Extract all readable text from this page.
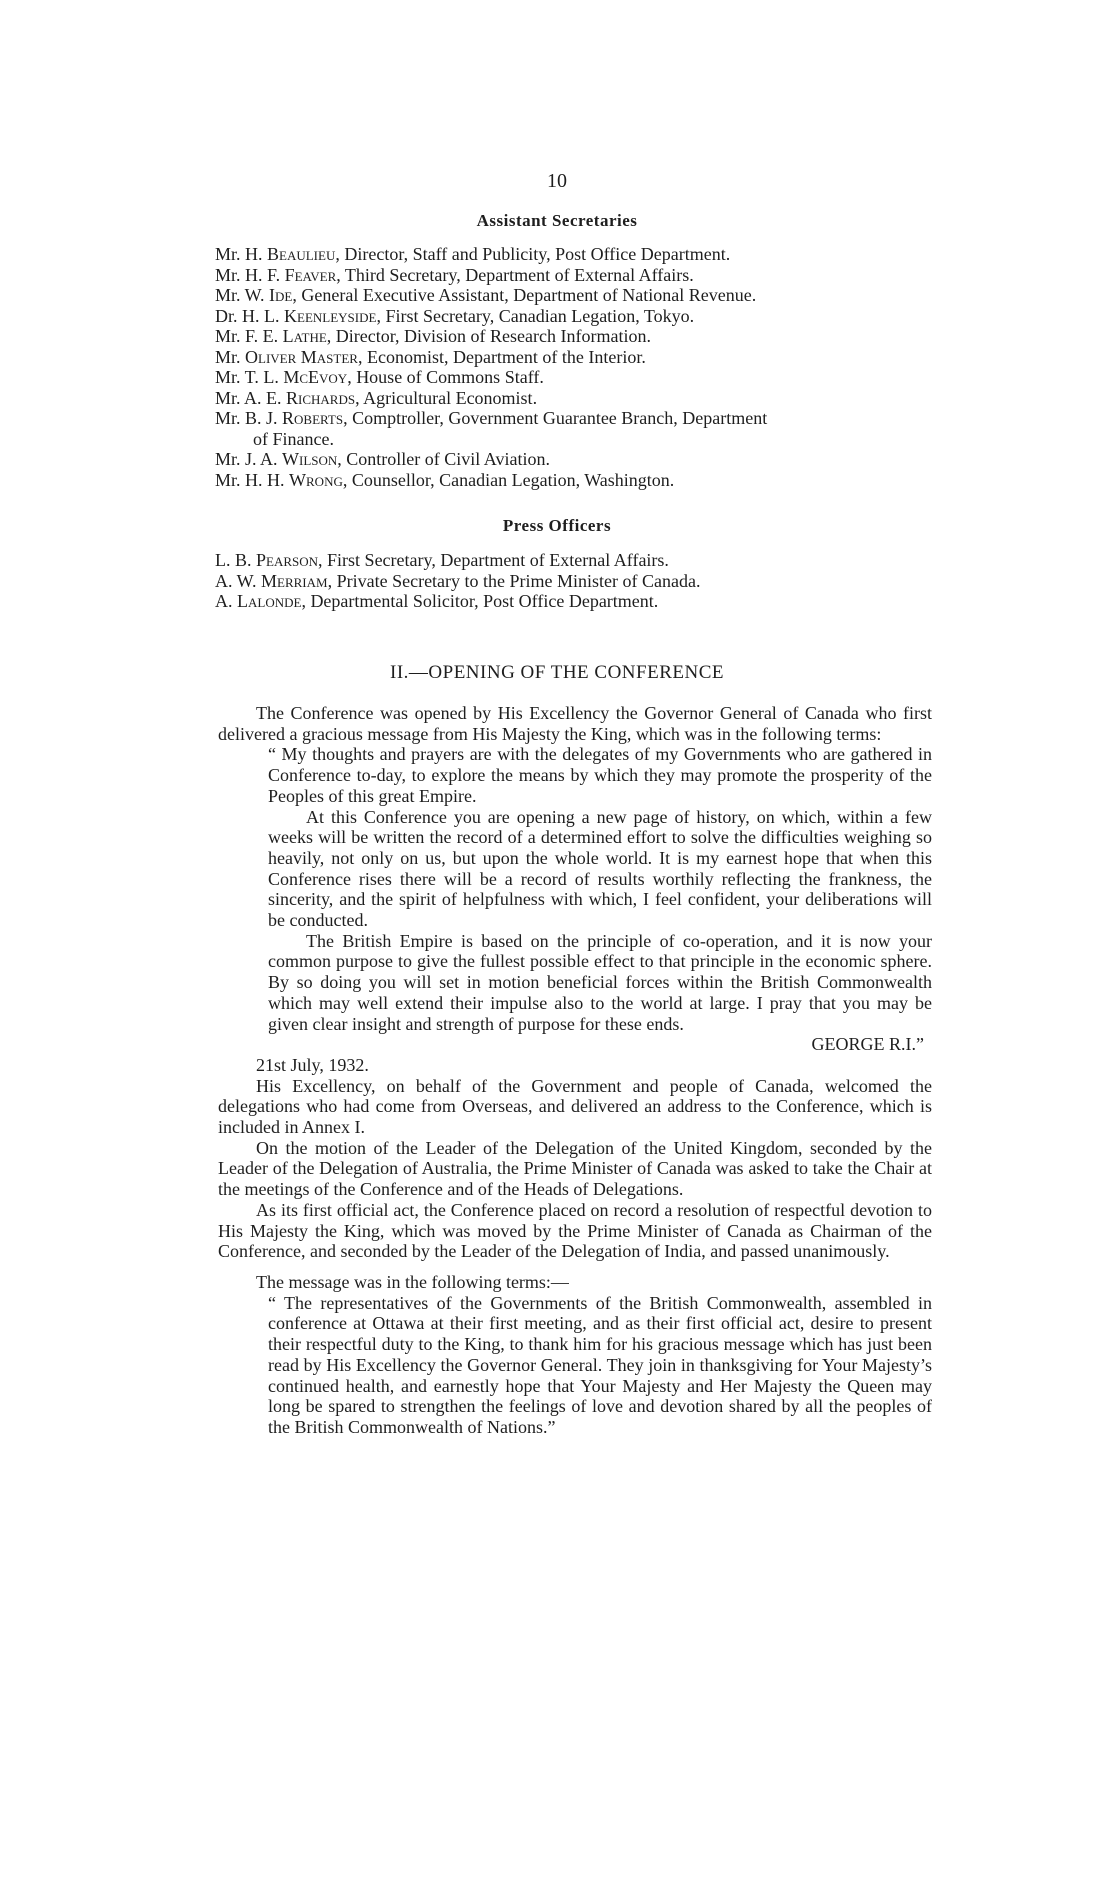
10
Assistant Secretaries

Mr. H. Beaulieu, Director, Staff and Publicity, Post Office Department.

Mr. H. F. Feaver, Third Secretary, Department of External Affairs.

Mr. W. Ide, General Executive Assistant, Department of National Revenue.

Dr. H. L. Keenleyside, First Secretary, Canadian Legation, Tokyo.

Mr. F. E. Lathe, Director, Division of Research Information.

Mr. Oliver Master, Economist, Department of the Interior.

Mr. T. L. McEvoy, House of Commons Staff.

Mr. A. E. Richards, Agricultural Economist.

Mr. B. J. Roberts, Comptroller, Government Guarantee Branch, Department

of Finance.

Mr. J. A. Wilson, Controller of Civil Aviation.

Mr. H. H. Wrong, Counsellor, Canadian Legation, Washington.

Press Officers

L. B. Pearson, First Secretary, Department of External Affairs.

A. W. Merriam, Private Secretary to the Prime Minister of Canada.

A. Lalonde, Departmental Solicitor, Post Office Department.

II.—OPENING OF THE CONFERENCE

The Conference was opened by His Excellency the Governor General of Canada who first delivered a gracious message from His Majesty the King, which was in the following terms:

“ My thoughts and prayers are with the delegates of my Governments who are gathered in Conference to-day, to explore the means by which they may promote the prosperity of the Peoples of this great Empire.

At this Conference you are opening a new page of history, on which, within a few weeks will be written the record of a determined effort to solve the difficulties weighing so heavily, not only on us, but upon the whole world. It is my earnest hope that when this Conference rises there will be a record of results worthily reflecting the frankness, the sincerity, and the spirit of helpfulness with which, I feel confident, your deliberations will be conducted.

The British Empire is based on the principle of co-operation, and it is now your common purpose to give the fullest possible effect to that principle in the economic sphere. By so doing you will set in motion beneficial forces within the British Commonwealth which may well extend their impulse also to the world at large. I pray that you may be given clear insight and strength of purpose for these ends.

GEORGE R.I.”

21st July, 1932.

His Excellency, on behalf of the Government and people of Canada, welcomed the delegations who had come from Overseas, and delivered an address to the Conference, which is included in Annex I.

On the motion of the Leader of the Delegation of the United Kingdom, seconded by the Leader of the Delegation of Australia, the Prime Minister of Canada was asked to take the Chair at the meetings of the Conference and of the Heads of Delegations.

As its first official act, the Conference placed on record a resolution of respectful devotion to His Majesty the King, which was moved by the Prime Minister of Canada as Chairman of the Conference, and seconded by the Leader of the Delegation of India, and passed unanimously.

The message was in the following terms:—

“ The representatives of the Governments of the British Commonwealth, assembled in conference at Ottawa at their first meeting, and as their first official act, desire to present their respectful duty to the King, to thank him for his gracious message which has just been read by His Excellency the Governor General. They join in thanksgiving for Your Majesty’s continued health, and earnestly hope that Your Majesty and Her Majesty the Queen may long be spared to strengthen the feelings of love and devotion shared by all the peoples of the British Commonwealth of Nations.”
